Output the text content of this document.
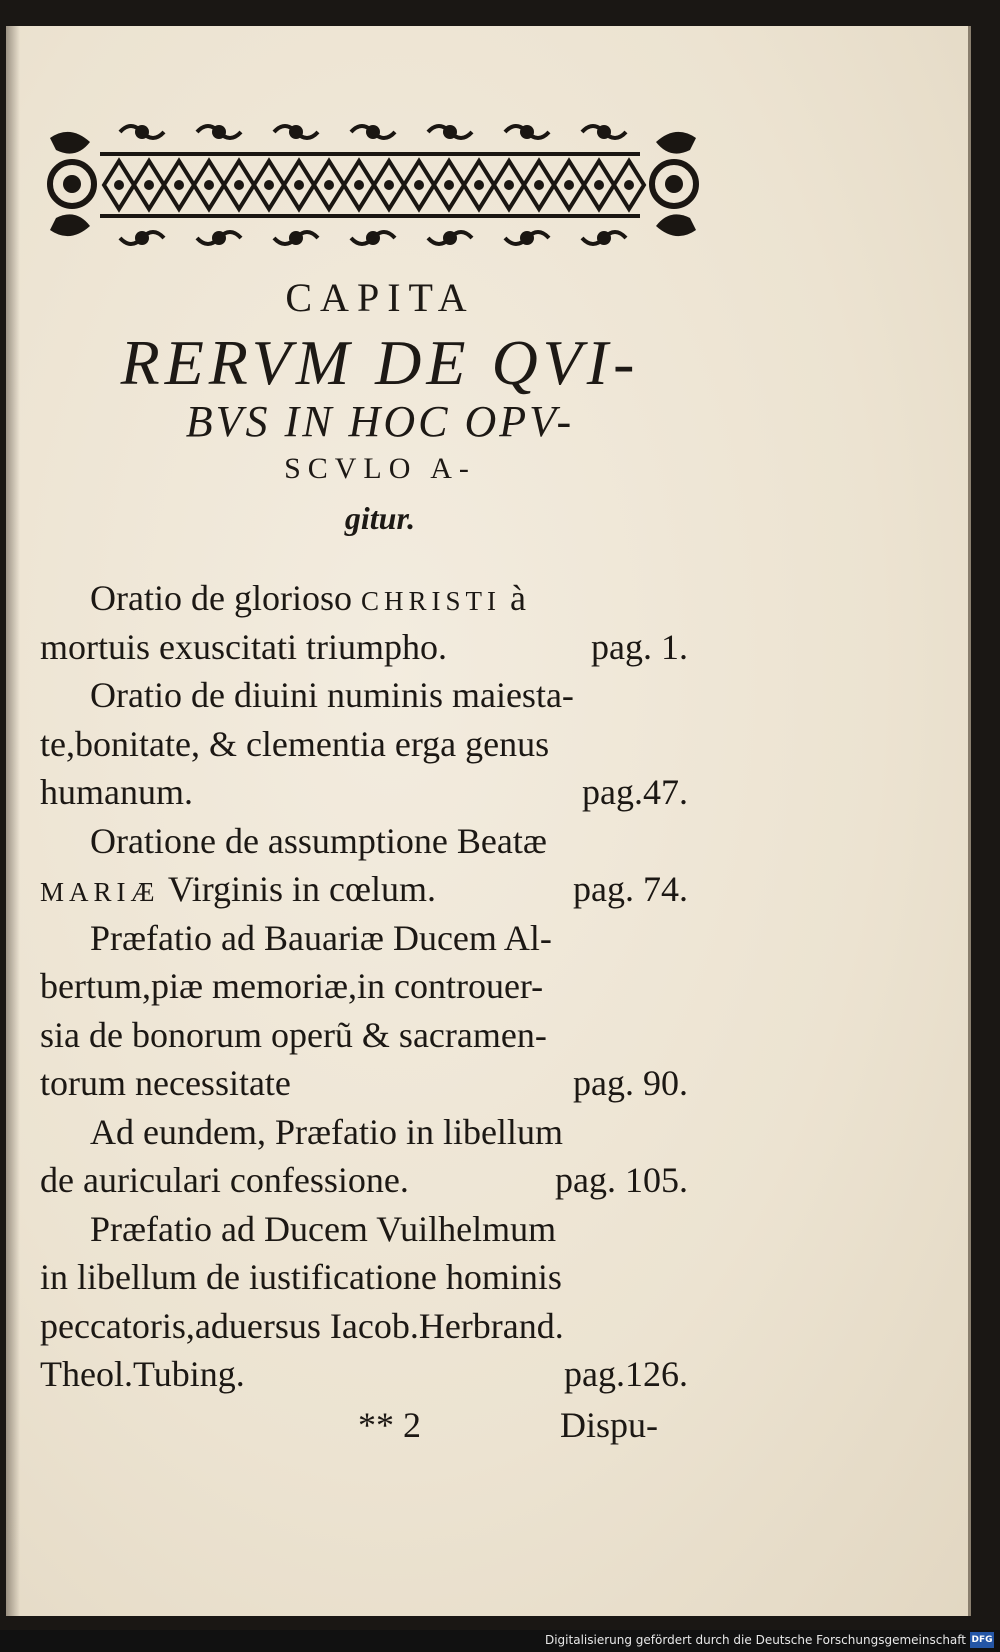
CAPITA
RERVM DE QVI-
BVS IN HOC OPV-
SCVLO A-
gitur.
Oratio de glorioso CHRISTI à
mortuis exuscitati triumpho.	pag. 1.
Oratio de diuini numinis maiesta-
te,bonitate, & clementia erga genus
humanum.	pag.47.
Oratione de assumptione Beatæ
MARIÆ Virginis in cœlum.	pag. 74.
Præfatio ad Bauariæ Ducem Al-
bertum,piæ memoriæ,in controuer-
sia de bonorum operũ & sacramen-
torum necessitate	pag. 90.
Ad eundem, Præfatio in libellum
de auriculari confessione.	pag. 105.
Præfatio ad Ducem Vuilhelmum
in libellum de iustificatione hominis
peccatoris,aduersus Iacob.Herbrand.
Theol.Tubing.	pag.126.
** 2	Dispu-
Digitalisierung gefördert durch die Deutsche Forschungsgemeinschaft DFG
